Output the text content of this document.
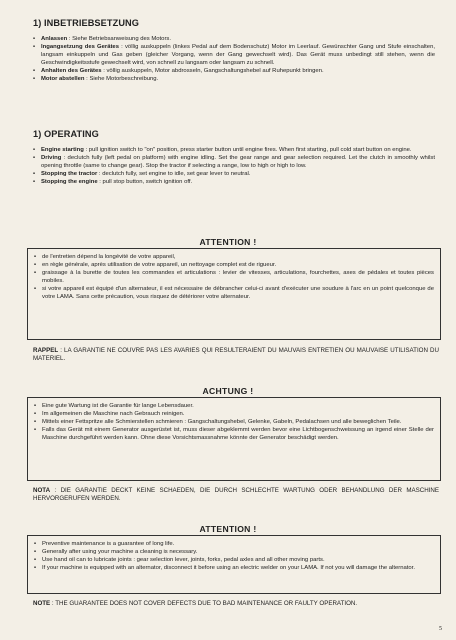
1) INBETRIEBSETZUNG
• Anlassen : Siehe Betriebsanweisung des Motors.
• Ingangsetzung des Gerätes : völlig auskuppeln (linkes Pedal auf dem Bodenschutz) Motor im Leerlauf. Gewünschter Gang und Stufe einschalten, langsam einkuppeln und Gas geben (gleicher Vorgang, wenn der Gang gewechselt wird). Das Gerät muss unbedingt still stehen, wenn die Geschwindigkeitsstufe gewechselt wird, von schnell zu langsam oder langsam zu schnell.
• Anhalten des Gerätes : völlig auskuppeln, Motor abdrosseln, Gangschaltungshebel auf Ruhepunkt bringen.
• Motor abstellen : Siehe Motorbeschreibung.
1) OPERATING
• Engine starting : pull ignition switch to "on" position, press starter button until engine fires. When first starting, pull cold start button on engine.
• Driving : declutch fully (left pedal on platform) with engine idling. Set the gear range and gear selection required. Let the clutch in smoothly whilst opening throttle (same to change gear). Stop the tractor if selecting a range, low to high or high to low.
• Stopping the tractor : declutch fully, set engine to idle, set gear lever to neutral.
• Stopping the engine : pull stop button, switch ignition off.
ATTENTION !
• de l'entretien dépend la longévité de votre appareil,
• en règle générale, après utilisation de votre appareil, un nettoyage complet est de rigueur.
• graissage à la burette de toutes les commandes et articulations : levier de vitesses, articulations, fourchettes, axes de pédales et toutes pièces mobiles.
• si votre appareil est équipé d'un alternateur, il est nécessaire de débrancher celui-ci avant d'exécuter une soudure à l'arc en un point quelconque de votre LAMA. Sans cette précaution, vous risquez de détériorer votre alternateur.
RAPPEL : LA GARANTIE NE COUVRE PAS LES AVARIES QUI RESULTERAIENT DU MAUVAIS ENTRETIEN OU MAUVAISE UTILISATION DU MATERIEL.
ACHTUNG !
• Eine gute Wartung ist die Garantie für lange Lebensdauer.
• Im allgemeinen die Maschine nach Gebrauch reinigen.
• Mittels einer Fettspritze alle Schmierstellen schmieren : Gangschaltungshebel, Gelenke, Gabeln, Pedalachsen und alle beweglichen Teile.
• Falls das Gerät mit einem Generator ausgerüstet ist, muss dieser abgeklemmt werden bevor eine Lichtbogenschweissung an irgend einer Stelle der Maschine durchgeführt werden kann. Ohne diese Vorsichtsmassnahme könnte der Generator beschädigt werden.
NOTA : DIE GARANTIE DECKT KEINE SCHAEDEN, DIE DURCH SCHLECHTE WARTUNG ODER BEHANDLUNG DER MASCHINE HERVORGERUFEN WERDEN.
ATTENTION !
• Preventive maintenance is a guarantee of long life.
• Generally after using your machine a cleaning is necessary.
• Use hand oil can to lubricate joints : gear selection lever, joints, forks, pedal axles and all other moving parts.
• If your machine is equipped with an alternator, disconnect it before using an electric welder on your LAMA. If not you will damage the alternator.
NOTE : THE GUARANTEE DOES NOT COVER DEFECTS DUE TO BAD MAINTENANCE OR FAULTY OPERATION.
5
